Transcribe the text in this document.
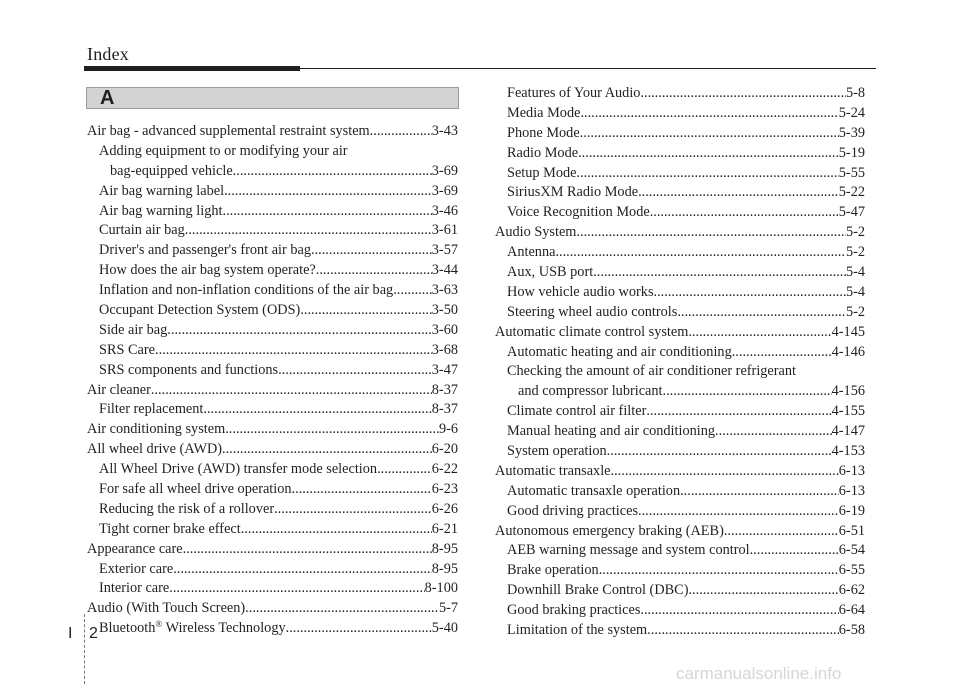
Index
A
Air bag - advanced supplemental restraint system .....	3-43
Adding equipment to or modifying your air
bag-equipped vehicle .....	3-69
Air bag warning label .....	3-69
Air bag warning light .....	3-46
Curtain air bag .....	3-61
Driver's and passenger's front air bag .....	3-57
How does the air bag system operate? .....	3-44
Inflation and non-inflation conditions of the air bag .....	3-63
Occupant Detection System (ODS) .....	3-50
Side air bag .....	3-60
SRS Care .....	3-68
SRS components and functions .....	3-47
Air cleaner .....	8-37
Filter replacement .....	8-37
Air conditioning system .....	9-6
All wheel drive (AWD) .....	6-20
All Wheel Drive (AWD) transfer mode selection .....	6-22
For safe all wheel drive operation .....	6-23
Reducing the risk of a rollover .....	6-26
Tight corner brake effect .....	6-21
Appearance care .....	8-95
Exterior care .....	8-95
Interior care .....	8-100
Audio (With Touch Screen) .....	5-7
Bluetooth® Wireless Technology .....	5-40
Features of Your Audio .....	5-8
Media Mode .....	5-24
Phone Mode .....	5-39
Radio Mode .....	5-19
Setup Mode .....	5-55
SiriusXM Radio Mode .....	5-22
Voice Recognition Mode .....	5-47
Audio System .....	5-2
Antenna .....	5-2
Aux, USB port .....	5-4
How vehicle audio works .....	5-4
Steering wheel audio controls .....	5-2
Automatic climate control system .....	4-145
Automatic heating and air conditioning .....	4-146
Checking the amount of air conditioner refrigerant
and compressor lubricant .....	4-156
Climate control air filter .....	4-155
Manual heating and air conditioning .....	4-147
System operation .....	4-153
Automatic transaxle .....	6-13
Automatic transaxle operation .....	6-13
Good driving practices .....	6-19
Autonomous emergency braking (AEB) .....	6-51
AEB warning message and system control .....	6-54
Brake operation .....	6-55
Downhill Brake Control (DBC) .....	6-62
Good braking practices .....	6-64
Limitation of the system .....	6-58
I 2
carmanualsonline.info
